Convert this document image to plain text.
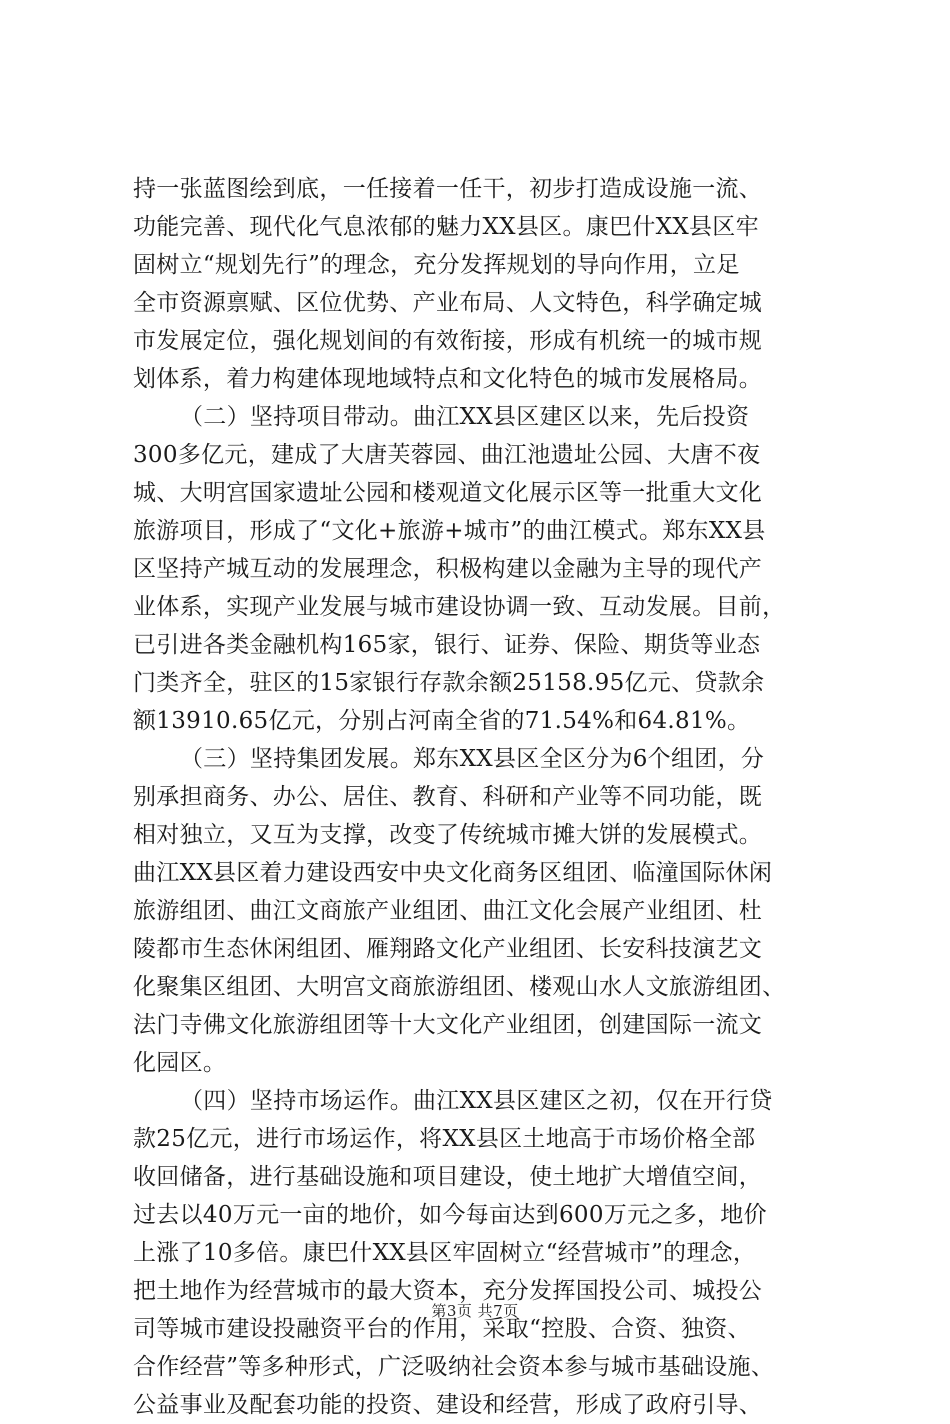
持一张蓝图绘到底，一任接着一任干，初步打造成设施一流、
功能完善、现代化气息浓郁的魅力XX县区。康巴什XX县区牢
固树立“规划先行”的理念，充分发挥规划的导向作用，立足
全市资源禀赋、区位优势、产业布局、人文特色，科学确定城
市发展定位，强化规划间的有效衔接，形成有机统一的城市规
划体系，着力构建体现地域特点和文化特色的城市发展格局。
（二）坚持项目带动。曲江XX县区建区以来，先后投资
300多亿元，建成了大唐芙蓉园、曲江池遗址公园、大唐不夜
城、大明宫国家遗址公园和楼观道文化展示区等一批重大文化
旅游项目，形成了“文化+旅游+城市”的曲江模式。郑东XX县
区坚持产城互动的发展理念，积极构建以金融为主导的现代产
业体系，实现产业发展与城市建设协调一致、互动发展。目前，
已引进各类金融机构165家，银行、证券、保险、期货等业态
门类齐全，驻区的15家银行存款余额25158.95亿元、贷款余
额13910.65亿元，分别占河南全省的71.54%和64.81%。
（三）坚持集团发展。郑东XX县区全区分为6个组团，分
别承担商务、办公、居住、教育、科研和产业等不同功能，既
相对独立，又互为支撑，改变了传统城市摊大饼的发展模式。
曲江XX县区着力建设西安中央文化商务区组团、临潼国际休闲
旅游组团、曲江文商旅产业组团、曲江文化会展产业组团、杜
陵都市生态休闲组团、雁翔路文化产业组团、长安科技演艺文
化聚集区组团、大明宫文商旅游组团、楼观山水人文旅游组团、
法门寺佛文化旅游组团等十大文化产业组团，创建国际一流文
化园区。
（四）坚持市场运作。曲江XX县区建区之初，仅在开行贷
款25亿元，进行市场运作，将XX县区土地高于市场价格全部
收回储备，进行基础设施和项目建设，使土地扩大增值空间，
过去以40万元一亩的地价，如今每亩达到600万元之多，地价
上涨了10多倍。康巴什XX县区牢固树立“经营城市”的理念，
把土地作为经营城市的最大资本，充分发挥国投公司、城投公
司等城市建设投融资平台的作用，采取“控股、合资、独资、
合作经营”等多种形式，广泛吸纳社会资本参与城市基础设施、
公益事业及配套功能的投资、建设和经营，形成了政府引导、
第3页 共7页
